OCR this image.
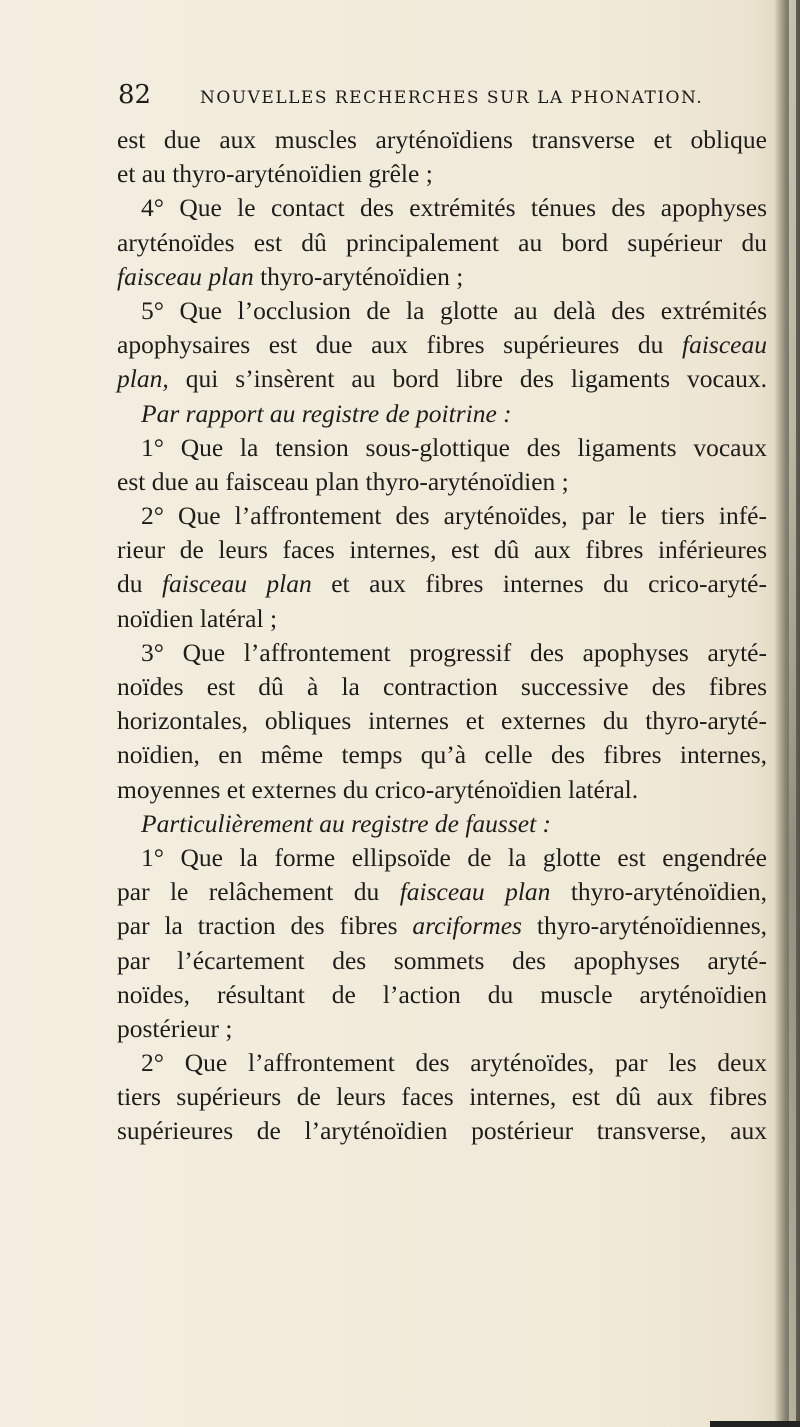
82	NOUVELLES RECHERCHES SUR LA PHONATION.
est due aux muscles aryténoïdiens transverse et oblique
et au thyro-aryténoïdien grêle ;
4° Que le contact des extrémités ténues des apophyses
aryténoïdes est dû principalement au bord supérieur du
faisceau plan thyro-aryténoïdien ;
5° Que l’occlusion de la glotte au delà des extrémités
apophysaires est due aux fibres supérieures du faisceau
plan, qui s’insèrent au bord libre des ligaments vocaux.
Par rapport au registre de poitrine :
1° Que la tension sous-glottique des ligaments vocaux
est due au faisceau plan thyro-aryténoïdien ;
2° Que l’affrontement des aryténoïdes, par le tiers infé-
rieur de leurs faces internes, est dû aux fibres inférieures
du faisceau plan et aux fibres internes du crico-aryté-
noïdien latéral ;
3° Que l’affrontement progressif des apophyses aryté-
noïdes est dû à la contraction successive des fibres
horizontales, obliques internes et externes du thyro-aryté-
noïdien, en même temps qu’à celle des fibres internes,
moyennes et externes du crico-aryténoïdien latéral.
Particulièrement au registre de fausset :
1° Que la forme ellipsoïde de la glotte est engendrée
par le relâchement du faisceau plan thyro-aryténoïdien,
par la traction des fibres arciformes thyro-aryténoïdiennes,
par l’écartement des sommets des apophyses aryté-
noïdes, résultant de l’action du muscle aryténoïdien
postérieur ;
2° Que l’affrontement des aryténoïdes, par les deux
tiers supérieurs de leurs faces internes, est dû aux fibres
supérieures de l’aryténoïdien postérieur transverse, aux
